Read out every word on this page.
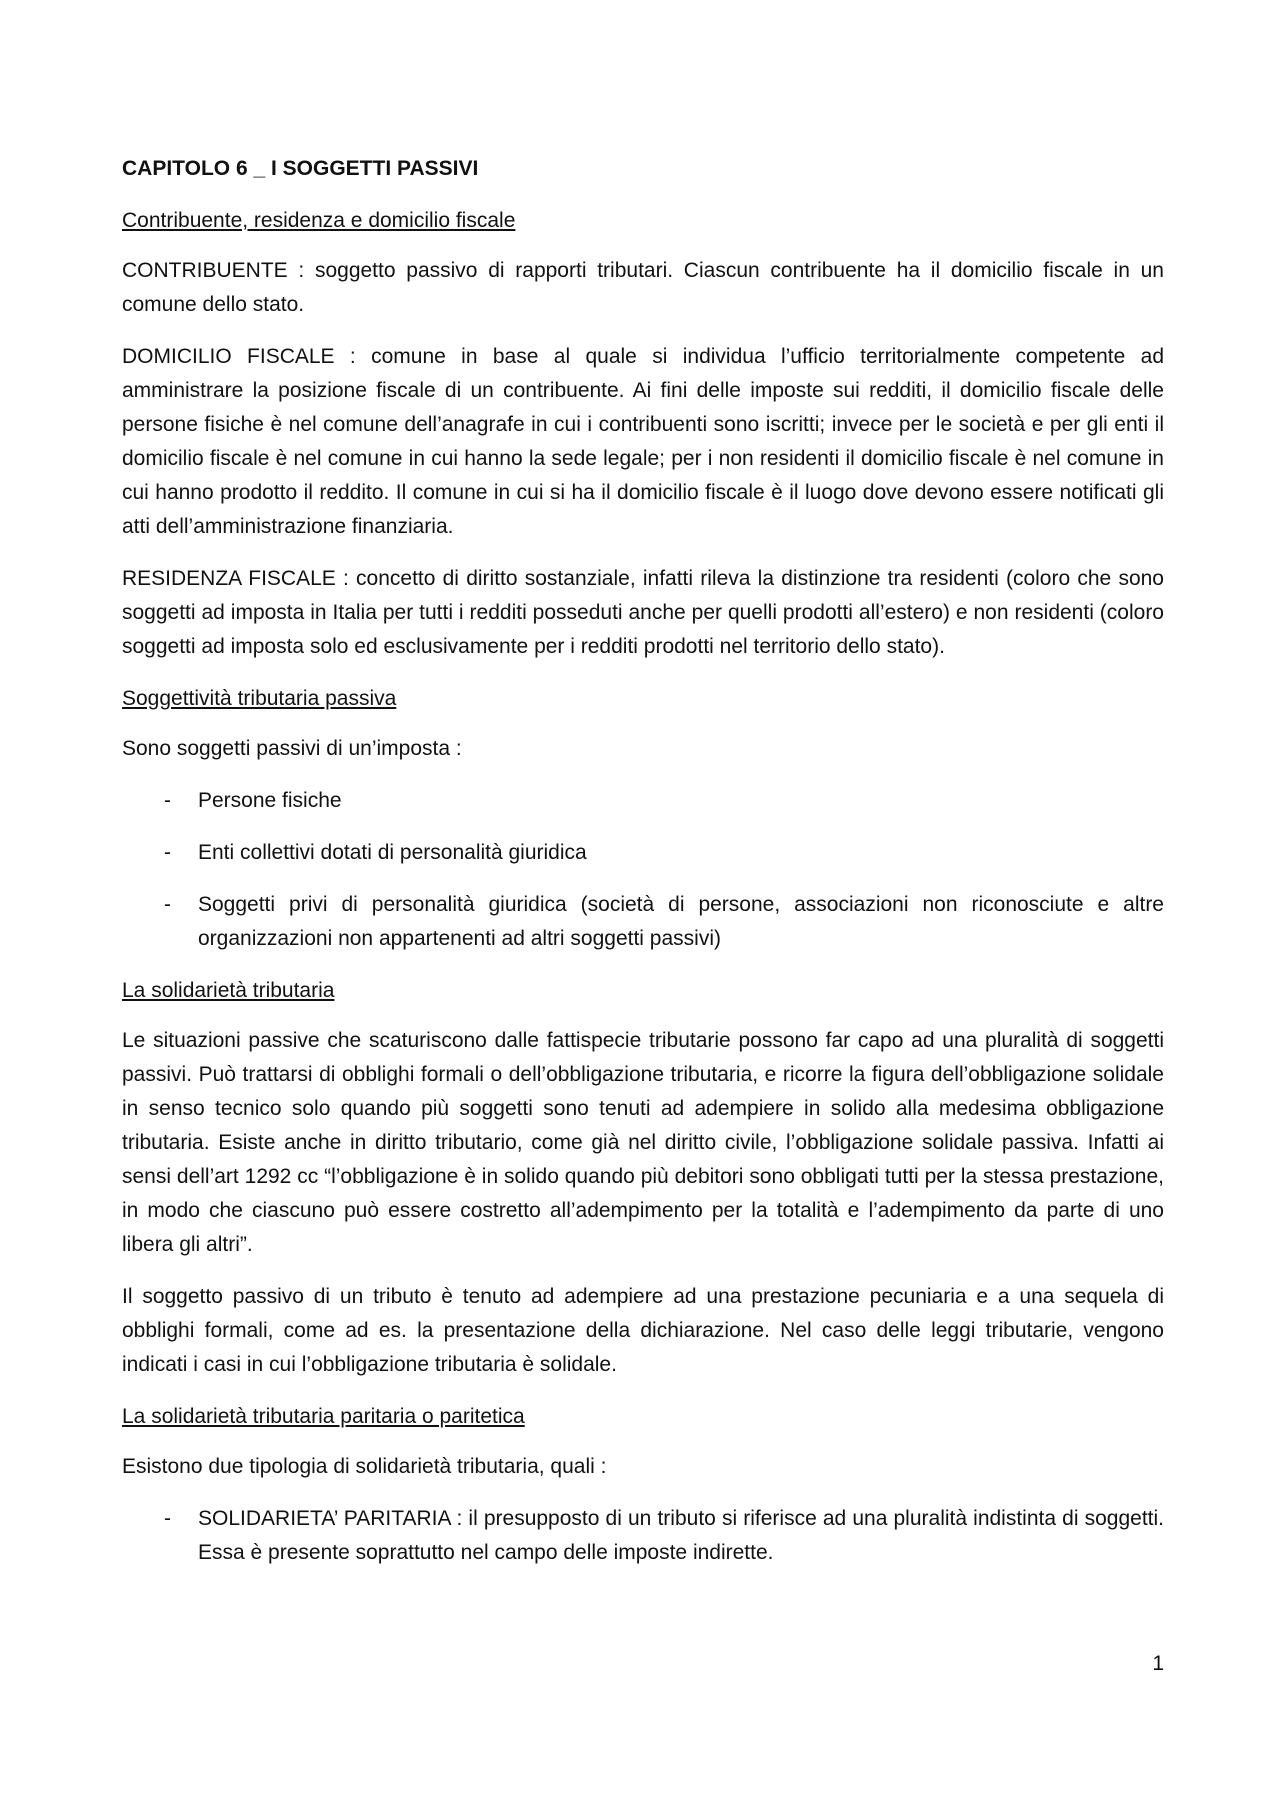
CAPITOLO 6 _ I SOGGETTI PASSIVI
Contribuente, residenza e domicilio fiscale

CONTRIBUENTE : soggetto passivo di rapporti tributari. Ciascun contribuente ha il domicilio fiscale in un comune dello stato.

DOMICILIO FISCALE : comune in base al quale si individua l’ufficio territorialmente competente ad amministrare la posizione fiscale di un contribuente. Ai fini delle imposte sui redditi, il domicilio fiscale delle persone fisiche è nel comune dell’anagrafe in cui i contribuenti sono iscritti; invece per le società e per gli enti il domicilio fiscale è nel comune in cui hanno la sede legale; per i non residenti il domicilio fiscale è nel comune in cui hanno prodotto il reddito. Il comune in cui si ha il domicilio fiscale è il luogo dove devono essere notificati gli atti dell’amministrazione finanziaria.

RESIDENZA FISCALE : concetto di diritto sostanziale, infatti rileva la distinzione tra residenti (coloro che sono soggetti ad imposta in Italia per tutti i redditi posseduti anche per quelli prodotti all’estero) e non residenti (coloro soggetti ad imposta solo ed esclusivamente per i redditi prodotti nel territorio dello stato).

Soggettività tributaria passiva

Sono soggetti passivi di un’imposta :

- Persone fisiche
- Enti collettivi dotati di personalità giuridica
- Soggetti privi di personalità giuridica (società di persone, associazioni non riconosciute e altre organizzazioni non appartenenti ad altri soggetti passivi)
La solidarietà tributaria

Le situazioni passive che scaturiscono dalle fattispecie tributarie possono far capo ad una pluralità di soggetti passivi. Può trattarsi di obblighi formali o dell’obbligazione tributaria, e ricorre la figura dell’obbligazione solidale in senso tecnico solo quando più soggetti sono tenuti ad adempiere in solido alla medesima obbligazione tributaria. Esiste anche in diritto tributario, come già nel diritto civile, l’obbligazione solidale passiva. Infatti ai sensi dell’art 1292 cc “l’obbligazione è in solido quando più debitori sono obbligati tutti per la stessa prestazione, in modo che ciascuno può essere costretto all’adempimento per la totalità e l’adempimento da parte di uno libera gli altri”.

Il soggetto passivo di un tributo è tenuto ad adempiere ad una prestazione pecuniaria e a una sequela di obblighi formali, come ad es. la presentazione della dichiarazione. Nel caso delle leggi tributarie, vengono indicati i casi in cui l’obbligazione tributaria è solidale.

La solidarietà tributaria paritaria o paritetica

Esistono due tipologia di solidarietà tributaria, quali :

- SOLIDARIETA’ PARITARIA : il presupposto di un tributo si riferisce ad una pluralità indistinta di soggetti. Essa è presente soprattutto nel campo delle imposte indirette.
1
